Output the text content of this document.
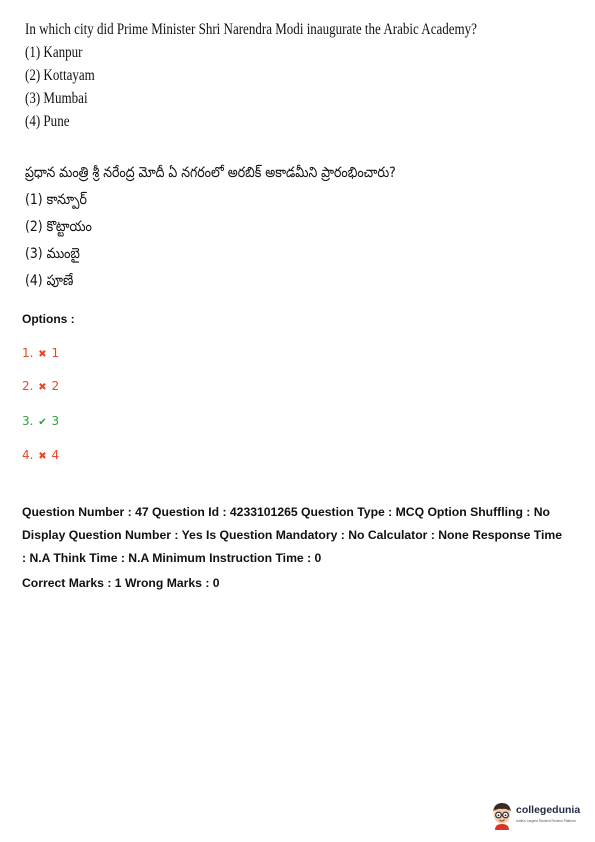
In which city did Prime Minister Shri Narendra Modi inaugurate the Arabic Academy?
(1) Kanpur
(2) Kottayam
(3) Mumbai
(4) Pune
ప్రధాన మంత్రి శ్రీ నరేంద్ర మోదీ ఏ నగరంలో అరబిక్ అకాడమీని ప్రారంభించారు?
(1) కాన్పూర్
(2) కొట్టాయం
(3) ముంబై
(4) పూణే
Options :
1. ✖ 1
2. ✖ 2
3. ✔ 3
4. ✖ 4

Question Number : 47 Question Id : 4233101265 Question Type : MCQ Option Shuffling : No

Display Question Number : Yes Is Question Mandatory : No Calculator : None Response Time

: N.A Think Time : N.A Minimum Instruction Time : 0

Correct Marks : 1 Wrong Marks : 0
collegedunia
India's Largest Student Review Platform
